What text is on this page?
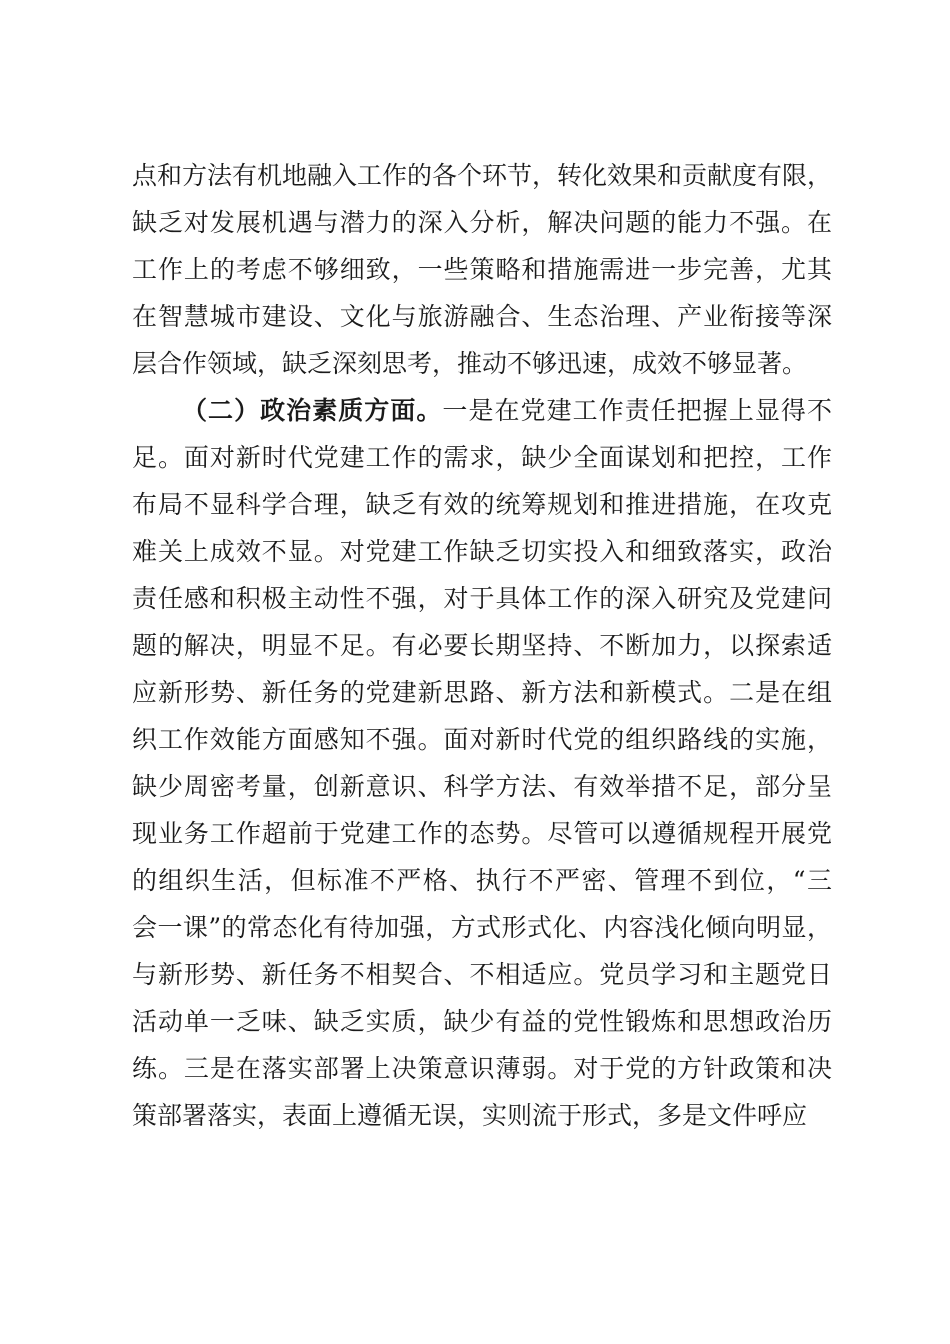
点和方法有机地融入工作的各个环节，转化效果和贡献度有限，
缺乏对发展机遇与潜力的深入分析，解决问题的能力不强。在
工作上的考虑不够细致，一些策略和措施需进一步完善，尤其
在智慧城市建设、文化与旅游融合、生态治理、产业衔接等深
层合作领域，缺乏深刻思考，推动不够迅速，成效不够显著。
（二）政治素质方面。一是在党建工作责任把握上显得不
足。面对新时代党建工作的需求，缺少全面谋划和把控，工作
布局不显科学合理，缺乏有效的统筹规划和推进措施，在攻克
难关上成效不显。对党建工作缺乏切实投入和细致落实，政治
责任感和积极主动性不强，对于具体工作的深入研究及党建问
题的解决，明显不足。有必要长期坚持、不断加力，以探索适
应新形势、新任务的党建新思路、新方法和新模式。二是在组
织工作效能方面感知不强。面对新时代党的组织路线的实施，
缺少周密考量，创新意识、科学方法、有效举措不足，部分呈
现业务工作超前于党建工作的态势。尽管可以遵循规程开展党
的组织生活，但标准不严格、执行不严密、管理不到位，“三
会一课”的常态化有待加强，方式形式化、内容浅化倾向明显，
与新形势、新任务不相契合、不相适应。党员学习和主题党日
活动单一乏味、缺乏实质，缺少有益的党性锻炼和思想政治历
练。三是在落实部署上决策意识薄弱。对于党的方针政策和决
策部署落实，表面上遵循无误，实则流于形式，多是文件呼应
